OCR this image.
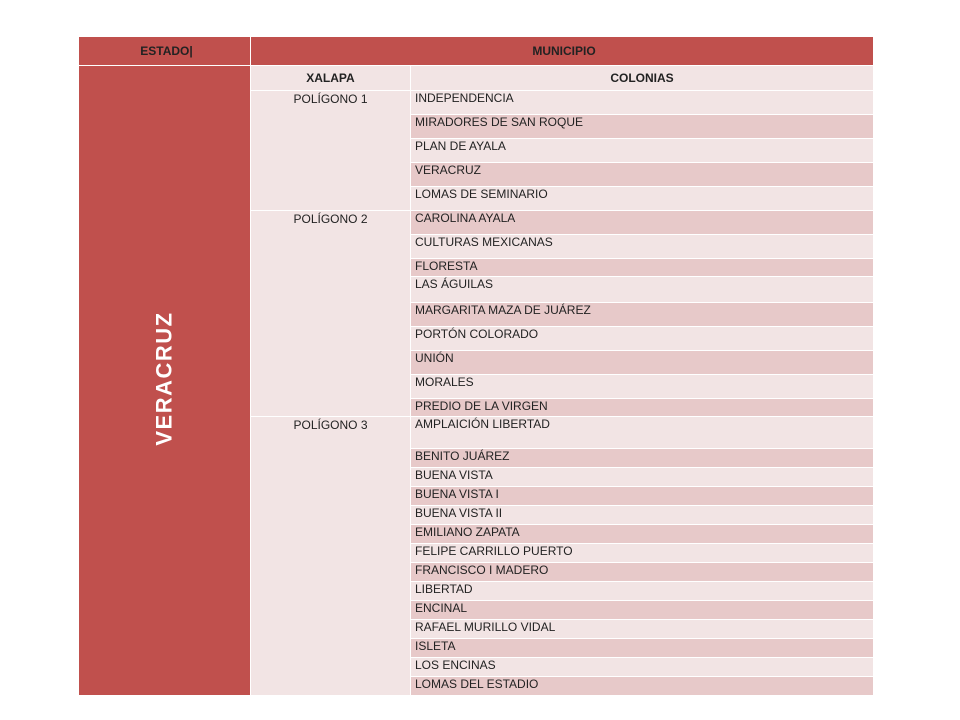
ESTADO|	MUNICIPIO	
VERACRUZ	XALAPA	COLONIAS
	POLÍGONO 1	INDEPENDENCIA
		MIRADORES DE SAN ROQUE
		PLAN DE AYALA
		VERACRUZ
		LOMAS DE SEMINARIO
	POLÍGONO 2	CAROLINA AYALA
		CULTURAS MEXICANAS
		FLORESTA
		LAS ÁGUILAS
		MARGARITA MAZA DE JUÁREZ
		PORTÓN COLORADO
		UNIÓN
		MORALES
		PREDIO DE LA VIRGEN
	POLÍGONO 3	AMPLAICIÓN LIBERTAD
		BENITO JUÁREZ
		BUENA VISTA
		BUENA VISTA I
		BUENA VISTA II
		EMILIANO ZAPATA
		FELIPE CARRILLO PUERTO
		FRANCISCO I MADERO
		LIBERTAD
		ENCINAL
		RAFAEL MURILLO VIDAL
		ISLETA
		LOS ENCINAS
		LOMAS DEL ESTADIO
